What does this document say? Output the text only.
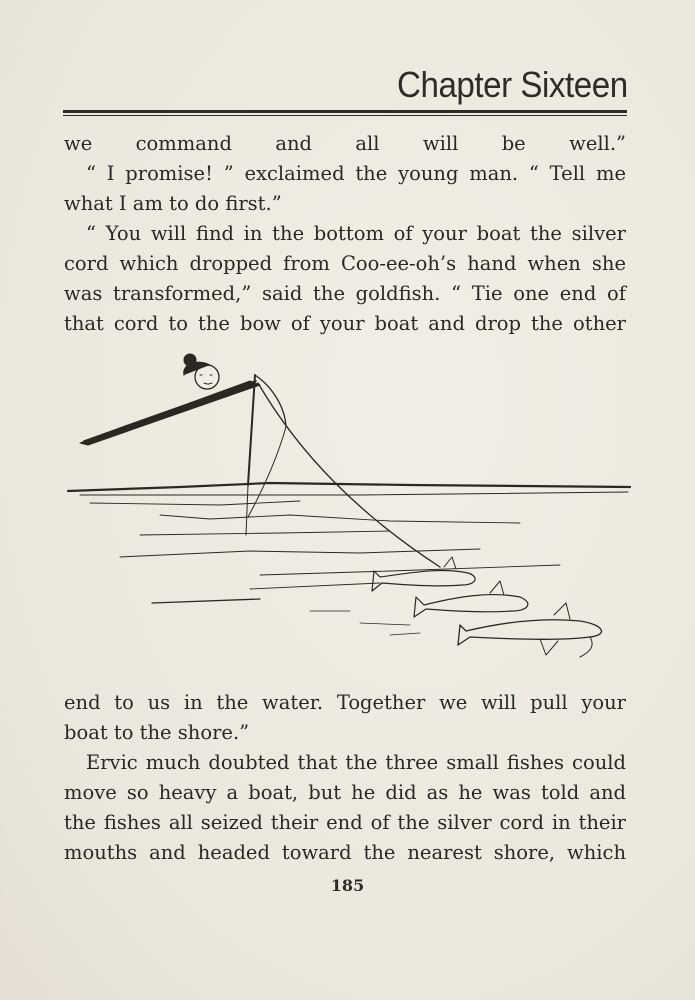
Chapter Sixteen
we command and all will be well.”
“ I promise! ” exclaimed the young man. “ Tell me
what I am to do first.”
“ You will find in the bottom of your boat the silver
cord which dropped from Coo-ee-oh’s hand when she
was transformed,” said the goldfish. “ Tie one end of
that cord to the bow of your boat and drop the other
end to us in the water. Together we will pull your
boat to the shore.”
Ervic much doubted that the three small fishes could
move so heavy a boat, but he did as he was told and
the fishes all seized their end of the silver cord in their
mouths and headed toward the nearest shore, which
185
